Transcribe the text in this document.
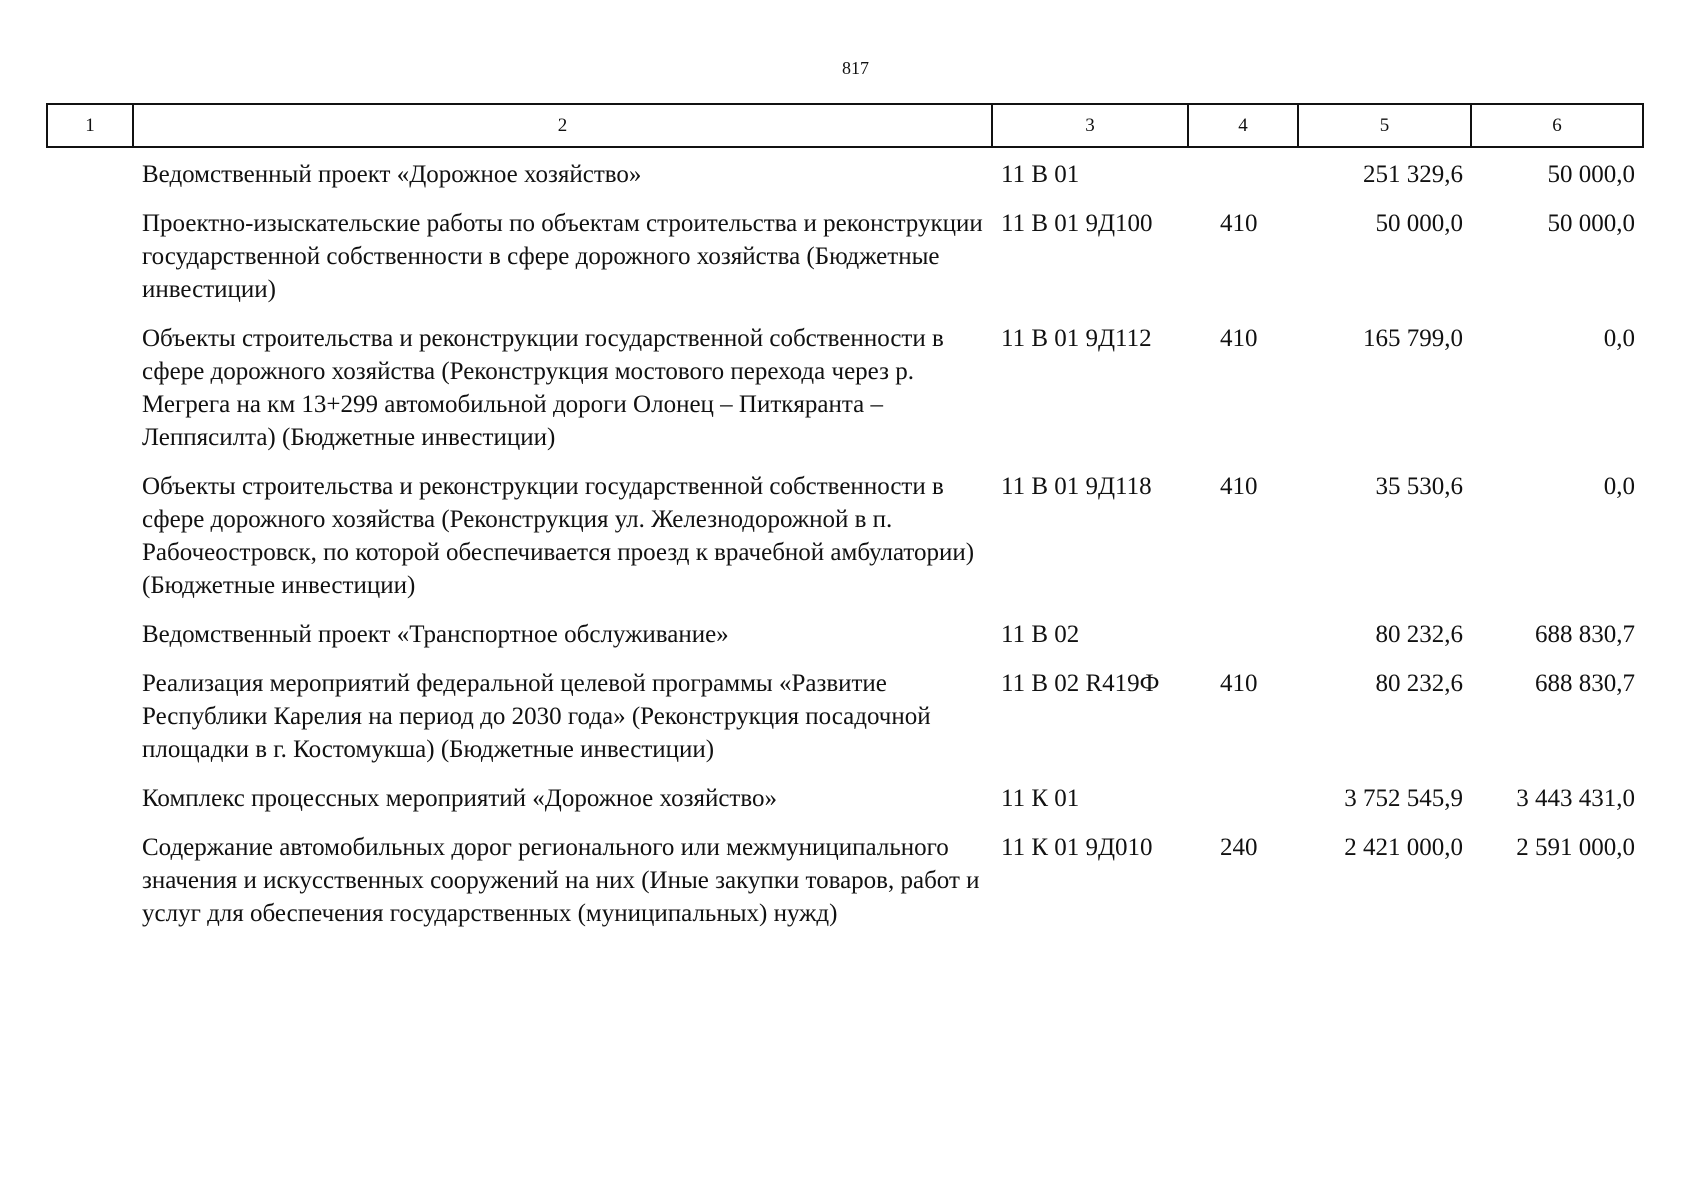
817
1	2	3	4	5	6
	Ведомственный проект «Дорожное хозяйство»	11 В 01		251 329,6	50 000,0
	Проектно-изыскательские работы по объектам строительства и реконструкции государственной собственности в сфере дорожного хозяйства (Бюджетные инвестиции)	11 В 01 9Д100	410	50 000,0	50 000,0
	Объекты строительства и реконструкции государственной собственности в сфере дорожного хозяйства (Реконструкция мостового перехода через р. Мегрега на км 13+299 автомобильной дороги Олонец – Питкяранта – Леппясилта) (Бюджетные инвестиции)	11 В 01 9Д112	410	165 799,0	0,0
	Объекты строительства и реконструкции государственной собственности в сфере дорожного хозяйства (Реконструкция ул. Железнодорожной в п. Рабочеостровск, по которой обеспечивается проезд к врачебной амбулатории) (Бюджетные инвестиции)	11 В 01 9Д118	410	35 530,6	0,0
	Ведомственный проект «Транспортное обслуживание»	11 В 02		80 232,6	688 830,7
	Реализация мероприятий федеральной целевой программы «Развитие Республики Карелия на период до 2030 года» (Реконструкция посадочной площадки в г. Костомукша) (Бюджетные инвестиции)	11 В 02 R419Ф	410	80 232,6	688 830,7
	Комплекс процессных мероприятий «Дорожное хозяйство»	11 К 01		3 752 545,9	3 443 431,0
	Содержание автомобильных дорог регионального или межмуниципального значения и искусственных сооружений на них (Иные закупки товаров, работ и услуг для обеспечения государственных (муниципальных) нужд)	11 К 01 9Д010	240	2 421 000,0	2 591 000,0
